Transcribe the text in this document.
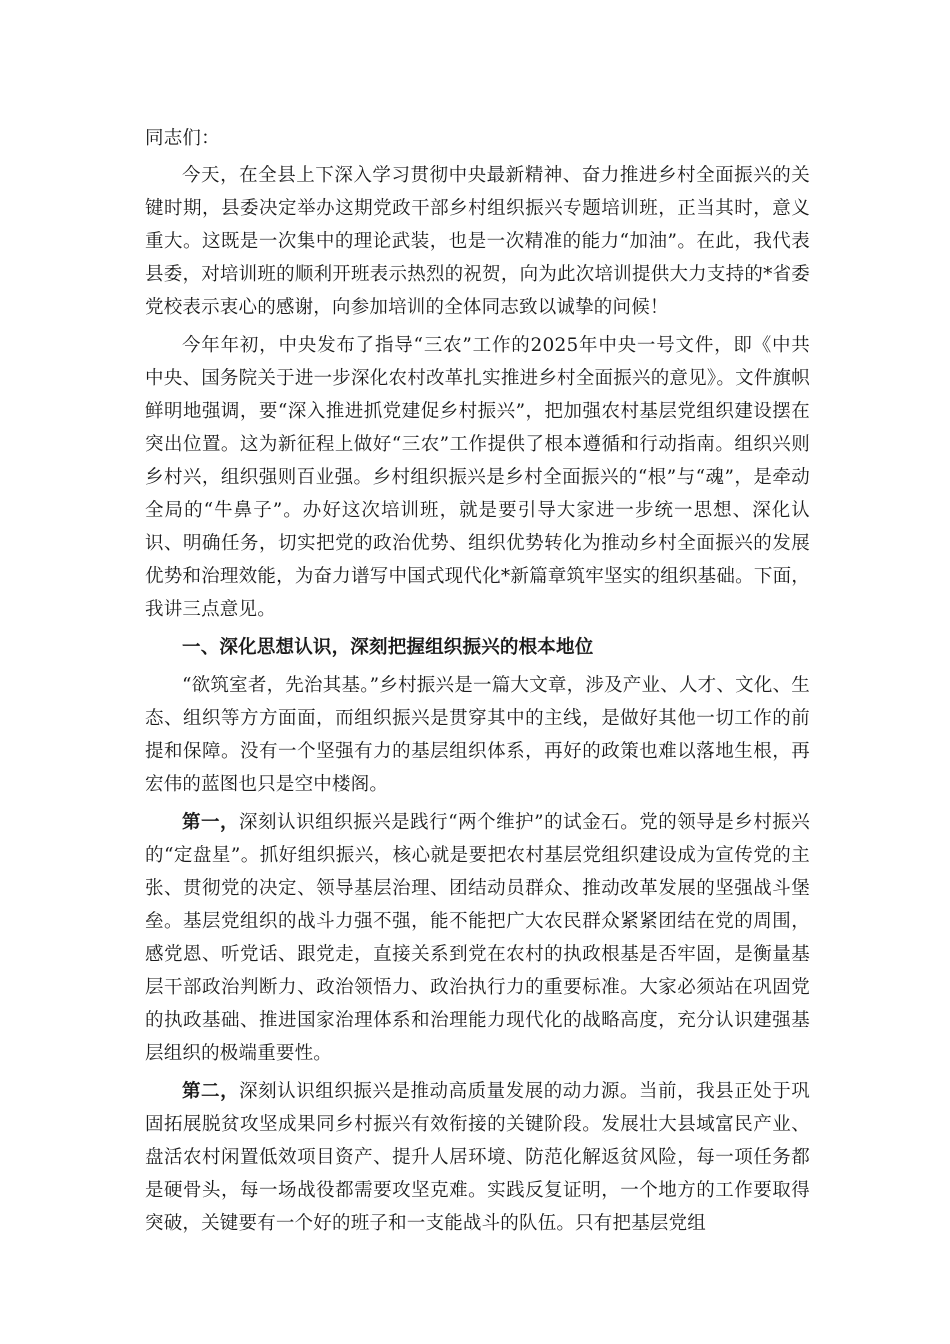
同志们：

今天，在全县上下深入学习贯彻中央最新精神、奋力推进乡村全面振兴的关键时期，县委决定举办这期党政干部乡村组织振兴专题培训班，正当其时，意义重大。这既是一次集中的理论武装，也是一次精准的能力“加油”。在此，我代表县委，对培训班的顺利开班表示热烈的祝贺，向为此次培训提供大力支持的*省委党校表示衷心的感谢，向参加培训的全体同志致以诚挚的问候！

今年年初，中央发布了指导“三农”工作的2025年中央一号文件，即《中共中央、国务院关于进一步深化农村改革扎实推进乡村全面振兴的意见》。文件旗帜鲜明地强调，要“深入推进抓党建促乡村振兴”，把加强农村基层党组织建设摆在突出位置。这为新征程上做好“三农”工作提供了根本遵循和行动指南。组织兴则乡村兴，组织强则百业强。乡村组织振兴是乡村全面振兴的“根”与“魂”，是牵动全局的“牛鼻子”。办好这次培训班，就是要引导大家进一步统一思想、深化认识、明确任务，切实把党的政治优势、组织优势转化为推动乡村全面振兴的发展优势和治理效能，为奋力谱写中国式现代化*新篇章筑牢坚实的组织基础。下面，我讲三点意见。

一、深化思想认识，深刻把握组织振兴的根本地位

“欲筑室者，先治其基。”乡村振兴是一篇大文章，涉及产业、人才、文化、生态、组织等方方面面，而组织振兴是贯穿其中的主线，是做好其他一切工作的前提和保障。没有一个坚强有力的基层组织体系，再好的政策也难以落地生根，再宏伟的蓝图也只是空中楼阁。

第一，深刻认识组织振兴是践行“两个维护”的试金石。党的领导是乡村振兴的“定盘星”。抓好组织振兴，核心就是要把农村基层党组织建设成为宣传党的主张、贯彻党的决定、领导基层治理、团结动员群众、推动改革发展的坚强战斗堡垒。基层党组织的战斗力强不强，能不能把广大农民群众紧紧团结在党的周围，感党恩、听党话、跟党走，直接关系到党在农村的执政根基是否牢固，是衡量基层干部政治判断力、政治领悟力、政治执行力的重要标准。大家必须站在巩固党的执政基础、推进国家治理体系和治理能力现代化的战略高度，充分认识建强基层组织的极端重要性。

第二，深刻认识组织振兴是推动高质量发展的动力源。当前，我县正处于巩固拓展脱贫攻坚成果同乡村振兴有效衔接的关键阶段。发展壮大县域富民产业、盘活农村闲置低效项目资产、提升人居环境、防范化解返贫风险，每一项任务都是硬骨头，每一场战役都需要攻坚克难。实践反复证明，一个地方的工作要取得突破，关键要有一个好的班子和一支能战斗的队伍。只有把基层党组
